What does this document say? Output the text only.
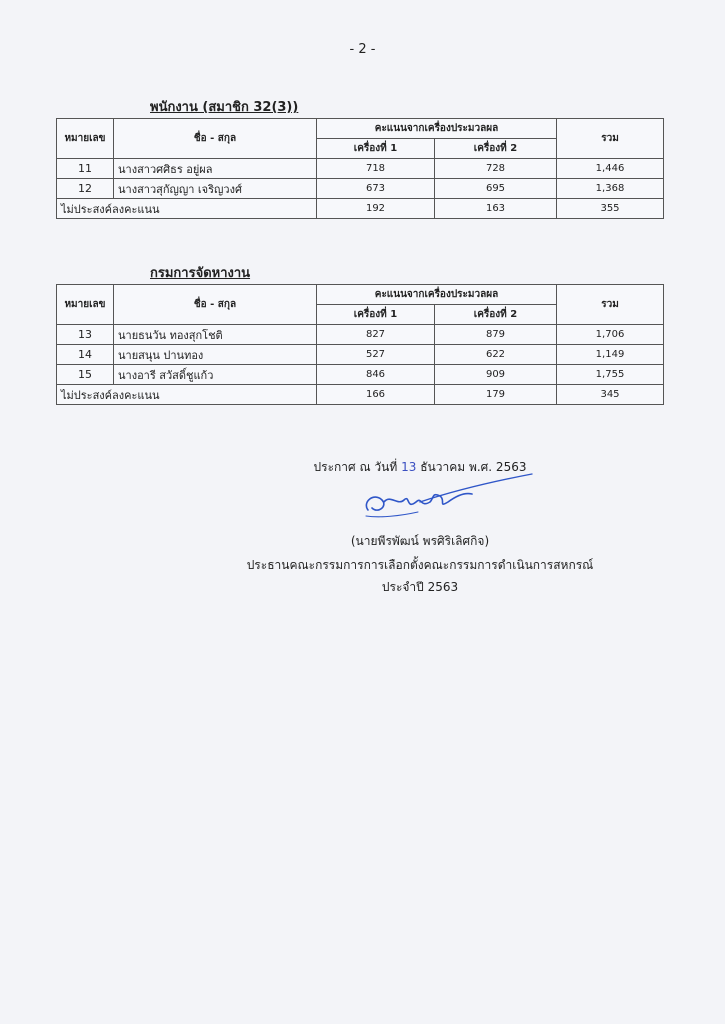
- 2 -
พนักงาน (สมาชิก 32(3))
หมายเลข	ชื่อ - สกุล	คะแนนจากเครื่องประมวลผล		รวม
		เครื่องที่ 1	เครื่องที่ 2	
11	นางสาวศศิธร อยู่ผล	718	728	1,446
12	นางสาวสุกัญญา เจริญวงศ์	673	695	1,368
ไม่ประสงค์ลงคะแนน		192	163	355
กรมการจัดหางาน
หมายเลข	ชื่อ - สกุล	คะแนนจากเครื่องประมวลผล		รวม
		เครื่องที่ 1	เครื่องที่ 2	
13	นายธนวัน ทองสุกโชติ	827	879	1,706
14	นายสนุน ปานทอง	527	622	1,149
15	นางอารี สวัสดิ์ชูแก้ว	846	909	1,755
ไม่ประสงค์ลงคะแนน		166	179	345
ประกาศ ณ วันที่ 13 ธันวาคม พ.ศ. 2563
(นายพีรพัฒน์ พรศิริเลิศกิจ)
ประธานคณะกรรมการการเลือกตั้งคณะกรรมการดำเนินการสหกรณ์
ประจำปี 2563
